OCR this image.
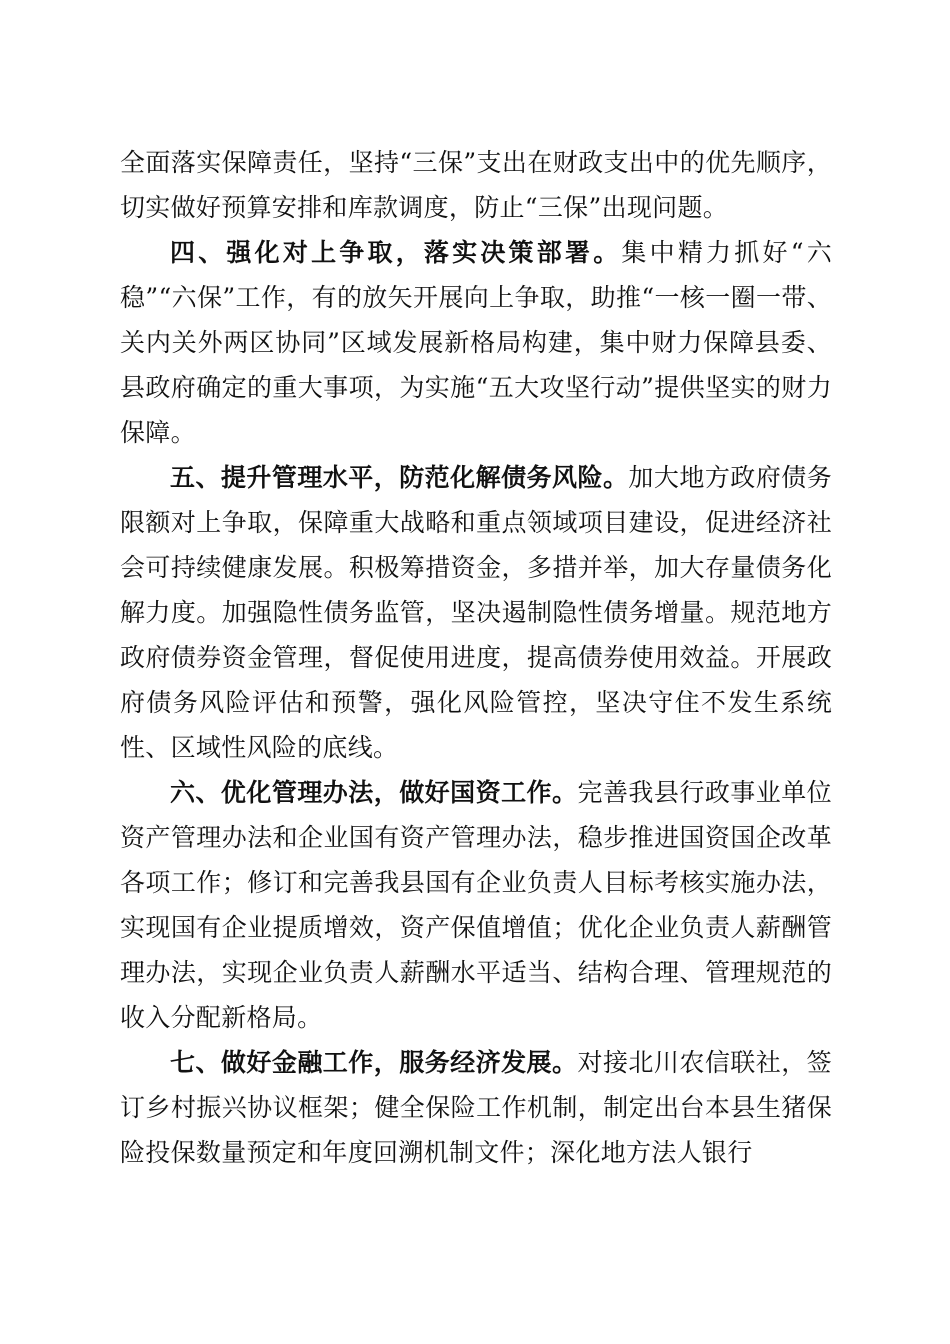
全面落实保障责任，坚持“三保”支出在财政支出中的优先顺序，切实做好预算安排和库款调度，防止“三保”出现问题。

四、强化对上争取，落实决策部署。集中精力抓好“六稳”“六保”工作，有的放矢开展向上争取，助推“一核一圈一带、关内关外两区协同”区域发展新格局构建，集中财力保障县委、县政府确定的重大事项，为实施“五大攻坚行动”提供坚实的财力保障。

五、提升管理水平，防范化解债务风险。加大地方政府债务限额对上争取，保障重大战略和重点领域项目建设，促进经济社会可持续健康发展。积极筹措资金，多措并举，加大存量债务化解力度。加强隐性债务监管，坚决遏制隐性债务增量。规范地方政府债券资金管理，督促使用进度，提高债券使用效益。开展政府债务风险评估和预警，强化风险管控，坚决守住不发生系统性、区域性风险的底线。

六、优化管理办法，做好国资工作。完善我县行政事业单位资产管理办法和企业国有资产管理办法，稳步推进国资国企改革各项工作；修订和完善我县国有企业负责人目标考核实施办法，实现国有企业提质增效，资产保值增值；优化企业负责人薪酬管理办法，实现企业负责人薪酬水平适当、结构合理、管理规范的收入分配新格局。

七、做好金融工作，服务经济发展。对接北川农信联社，签订乡村振兴协议框架；健全保险工作机制，制定出台本县生猪保险投保数量预定和年度回溯机制文件；深化地方法人银行
